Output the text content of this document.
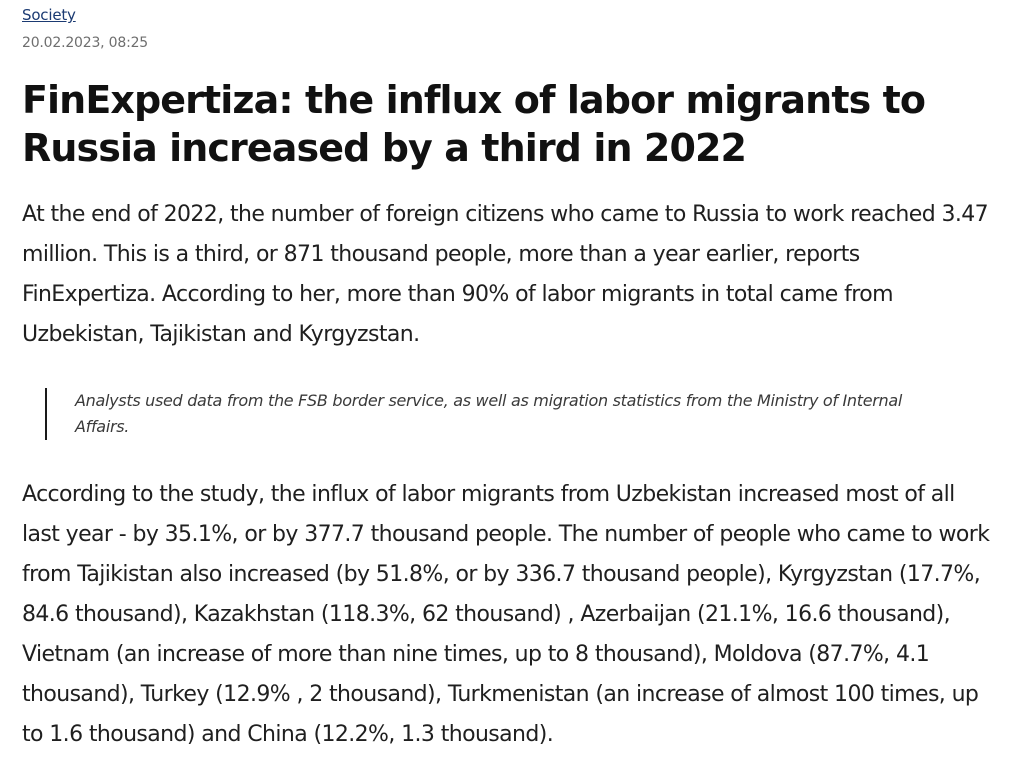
Society
20.02.2023, 08:25
FinExpertiza: the influx of labor migrants to Russia increased by a third in 2022

At the end of 2022, the number of foreign citizens who came to Russia to work reached 3.47 million. This is a third, or 871 thousand people, more than a year earlier, reports FinExpertiza. According to her, more than 90% of labor migrants in total came from Uzbekistan, Tajikistan and Kyrgyzstan.

Analysts used data from the FSB border service, as well as migration statistics from the Ministry of Internal Affairs.

According to the study, the influx of labor migrants from Uzbekistan increased most of all last year - by 35.1%, or by 377.7 thousand people. The number of people who came to work from Tajikistan also increased (by 51.8%, or by 336.7 thousand people), Kyrgyzstan (17.7%, 84.6 thousand), Kazakhstan (118.3%, 62 thousand) , Azerbaijan (21.1%, 16.6 thousand), Vietnam (an increase of more than nine times, up to 8 thousand), Moldova (87.7%, 4.1 thousand), Turkey (12.9% , 2 thousand), Turkmenistan (an increase of almost 100 times, up to 1.6 thousand) and China (12.2%, 1.3 thousand).
